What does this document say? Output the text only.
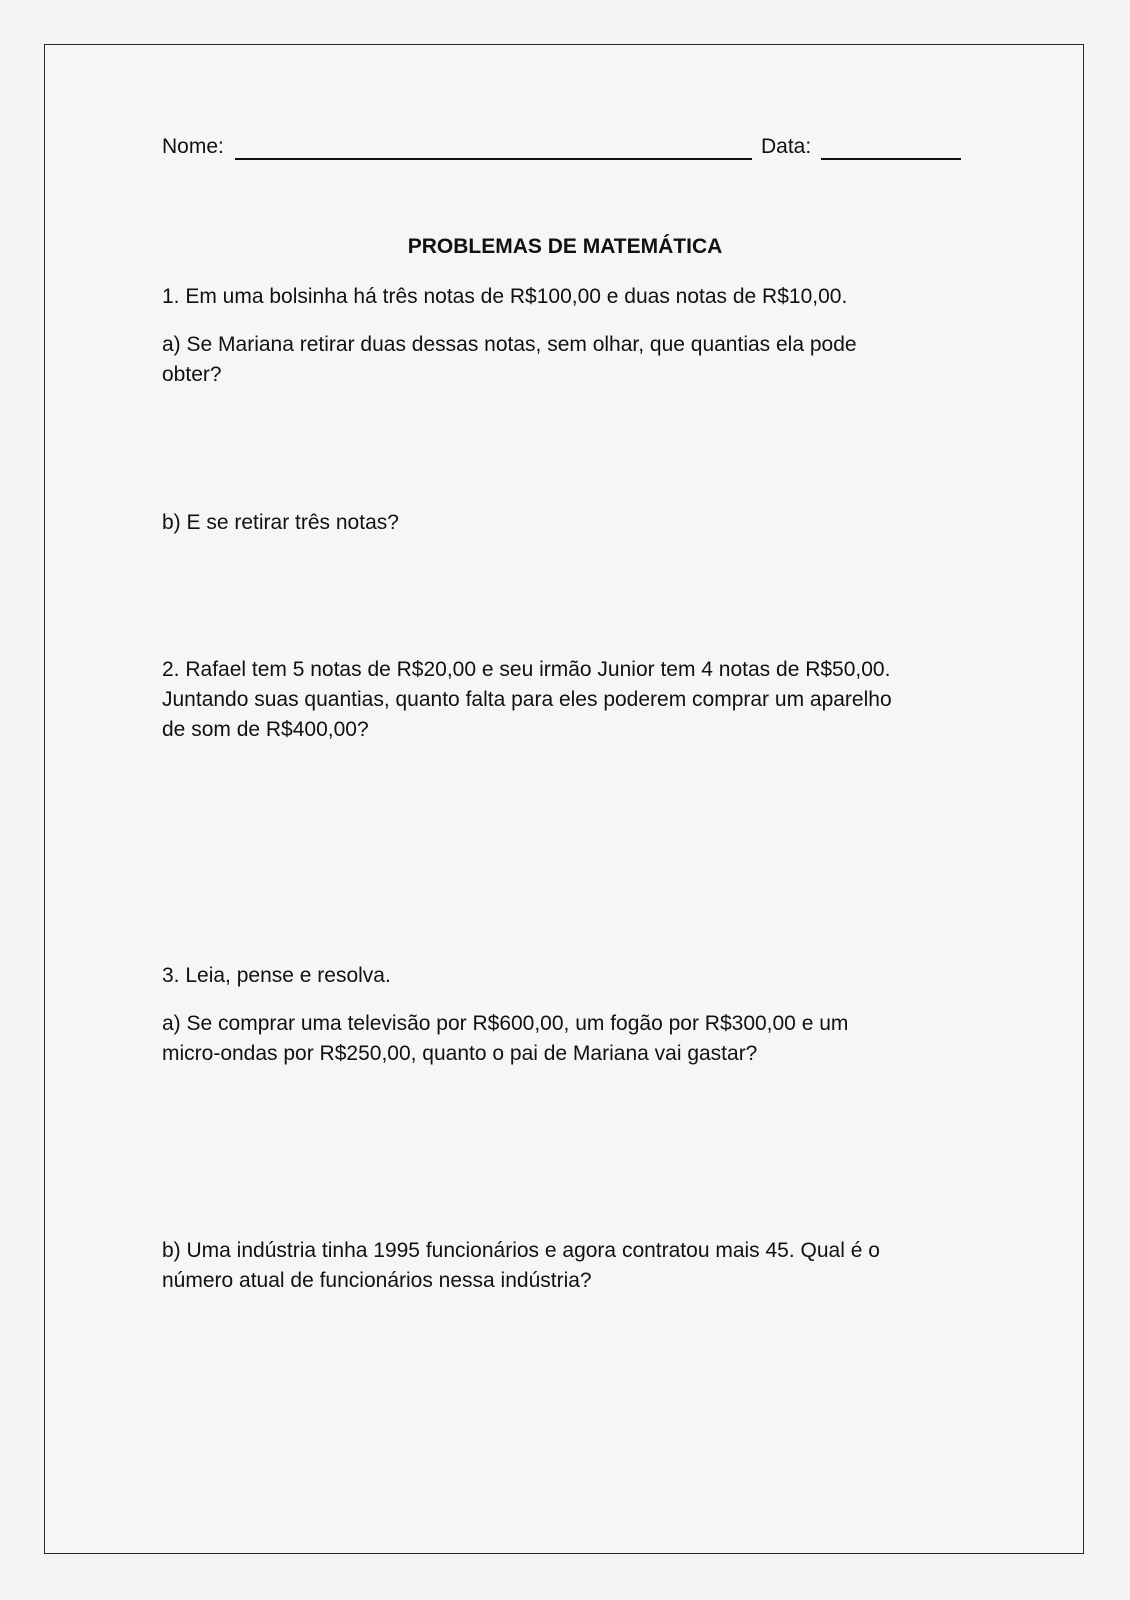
Nome:	Data:
PROBLEMAS DE MATEMÁTICA
1. Em uma bolsinha há três notas de R$100,00 e duas notas de R$10,00.
a) Se Mariana retirar duas dessas notas, sem olhar, que quantias ela pode
obter?
b) E se retirar três notas?
2. Rafael tem 5 notas de R$20,00 e seu irmão Junior tem 4 notas de R$50,00.
Juntando suas quantias, quanto falta para eles poderem comprar um aparelho
de som de R$400,00?
3. Leia, pense e resolva.
a) Se comprar uma televisão por R$600,00, um fogão por R$300,00 e um
micro-ondas por R$250,00, quanto o pai de Mariana vai gastar?
b) Uma indústria tinha 1995 funcionários e agora contratou mais 45. Qual é o
número atual de funcionários nessa indústria?
